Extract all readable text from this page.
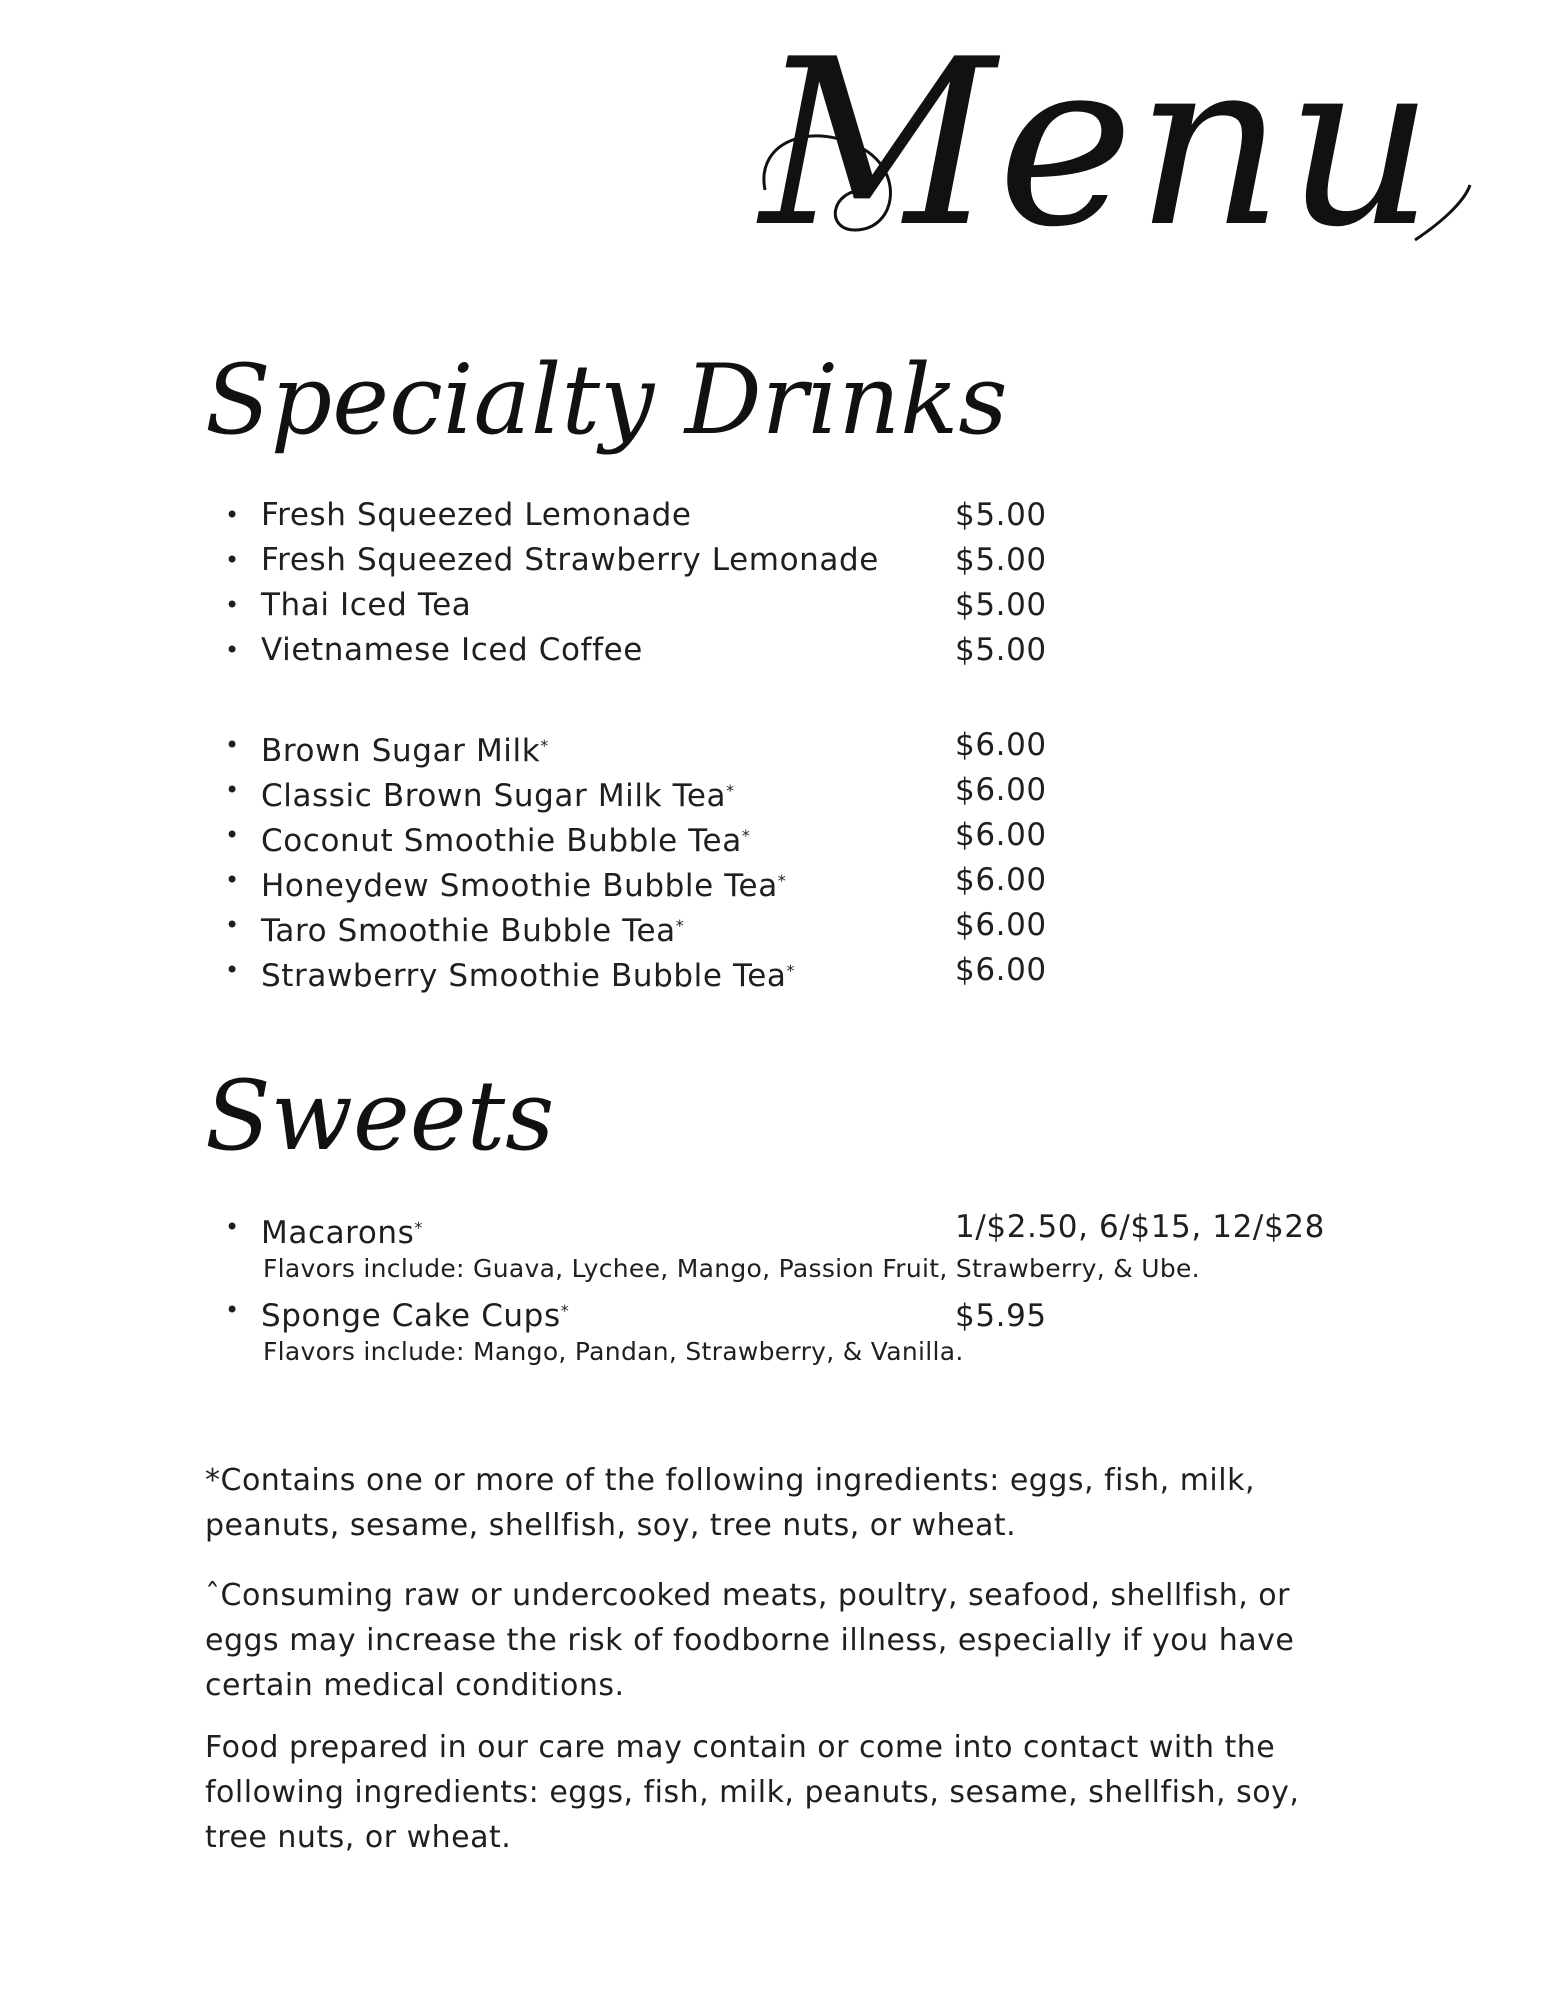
Menu
Specialty Drinks
• Fresh Squeezed Lemonade	$5.00
• Fresh Squeezed Strawberry Lemonade $5.00
• Thai Iced Tea	$5.00
• Vietnamese Iced Coffee	$5.00
• Brown Sugar Milk*	$6.00
• Classic Brown Sugar Milk Tea*	$6.00
• Coconut Smoothie Bubble Tea*	$6.00
• Honeydew Smoothie Bubble Tea*	$6.00
• Taro Smoothie Bubble Tea*	$6.00
• Strawberry Smoothie Bubble Tea*	$6.00
Sweets
• Macarons*	1/$2.50, 6/$15, 12/$28
Flavors include: Guava, Lychee, Mango, Passion Fruit, Strawberry, & Ube.
• Sponge Cake Cups*	$5.95
Flavors include: Mango, Pandan, Strawberry, & Vanilla.

*Contains one or more of the following ingredients: eggs, fish, milk, peanuts, sesame, shellfish, soy, tree nuts, or wheat.

ˆConsuming raw or undercooked meats, poultry, seafood, shellfish, or eggs may increase the risk of foodborne illness, especially if you have certain medical conditions.

Food prepared in our care may contain or come into contact with the following ingredients: eggs, fish, milk, peanuts, sesame, shellfish, soy, tree nuts, or wheat.
